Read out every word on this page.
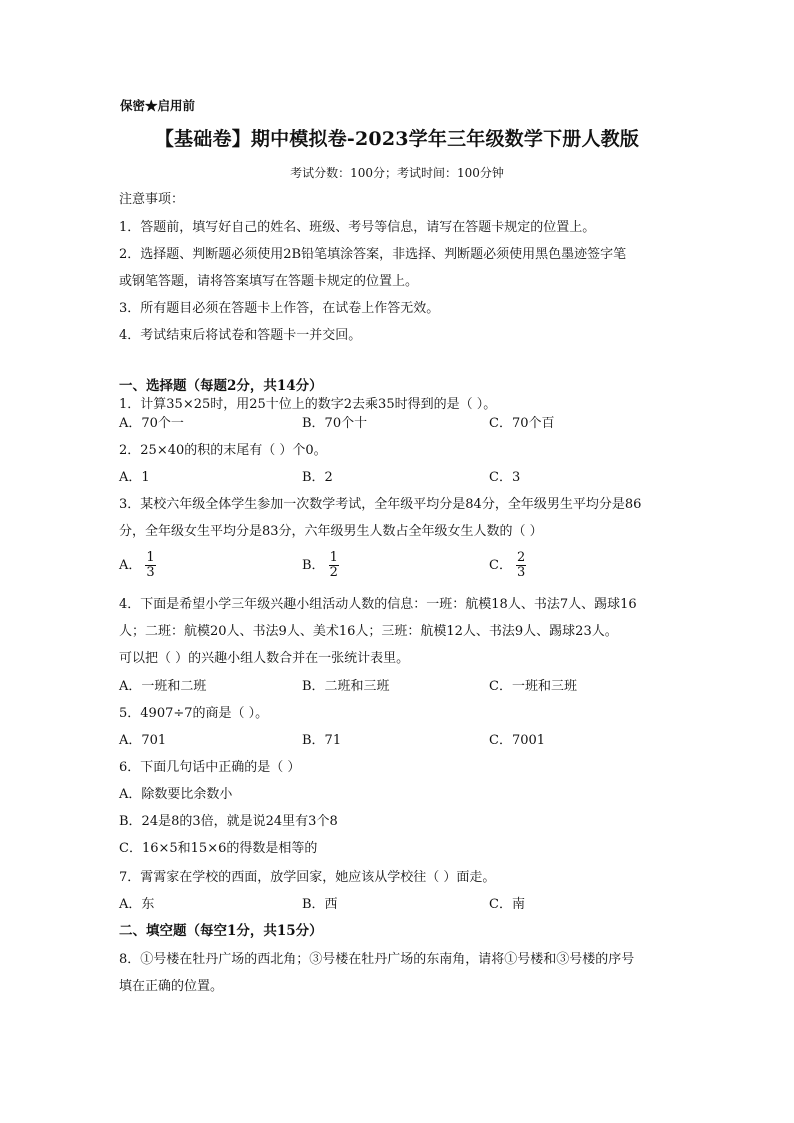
保密★启用前
【基础卷】期中模拟卷-2023学年三年级数学下册人教版
考试分数：100分；考试时间：100分钟
注意事项：
1．答题前，填写好自己的姓名、班级、考号等信息，请写在答题卡规定的位置上。
2．选择题、判断题必须使用2B铅笔填涂答案，非选择、判断题必须使用黑色墨迹签字笔
或钢笔答题，请将答案填写在答题卡规定的位置上。
3．所有题目必须在答题卡上作答，在试卷上作答无效。
4．考试结束后将试卷和答题卡一并交回。
一、选择题（每题2分，共14分）
1．计算35×25时，用25十位上的数字2去乘35时得到的是（ ）。
A．70个一	B．70个十	C．70个百
2．25×40的积的末尾有（ ）个0。
A．1	B．2	C．3
3．某校六年级全体学生参加一次数学考试，全年级平均分是84分，全年级男生平均分是86
分，全年级女生平均分是83分，六年级男生人数占全年级女生人数的（ ）
A． $\frac{1}{3}$	B． $\frac{1}{2}$	C． $\frac{2}{3}$
4．下面是希望小学三年级兴趣小组活动人数的信息：一班：航模18人、书法7人、踢球16
人；二班：航模20人、书法9人、美术16人；三班：航模12人、书法9人、踢球23人。
可以把（ ）的兴趣小组人数合并在一张统计表里。
A．一班和二班	B．二班和三班	C．一班和三班
5．4907÷7的商是（ ）。
A．701	B．71	C．7001
6．下面几句话中正确的是（ ）
A．除数要比余数小
B．24是8的3倍，就是说24里有3个8
C．16×5和15×6的得数是相等的
7．霄霄家在学校的西面，放学回家，她应该从学校往（ ）面走。
A．东	B．西	C．南
二、填空题（每空1分，共15分）
8．①号楼在牡丹广场的西北角；③号楼在牡丹广场的东南角，请将①号楼和③号楼的序号
填在正确的位置。
